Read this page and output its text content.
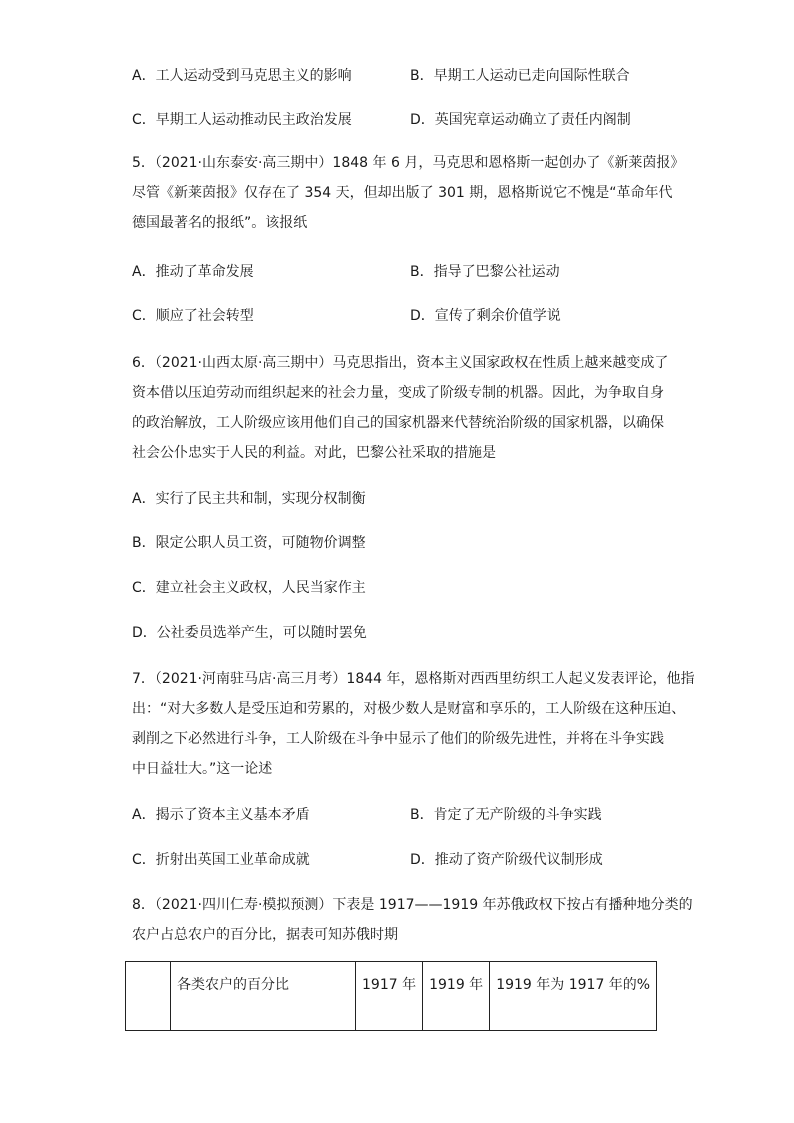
A．工人运动受到马克思主义的影响	B．早期工人运动已走向国际性联合
C．早期工人运动推动民主政治发展	D．英国宪章运动确立了责任内阁制

5．（2021·山东泰安·高三期中）1848 年 6 月，马克思和恩格斯一起创办了《新莱茵报》

尽管《新莱茵报》仅存在了 354 天，但却出版了 301 期，恩格斯说它不愧是“革命年代

德国最著名的报纸”。该报纸

A．推动了革命发展	B．指导了巴黎公社运动
C．顺应了社会转型	D．宣传了剩余价值学说

6．（2021·山西太原·高三期中）马克思指出，资本主义国家政权在性质上越来越变成了

资本借以压迫劳动而组织起来的社会力量，变成了阶级专制的机器。因此，为争取自身

的政治解放，工人阶级应该用他们自己的国家机器来代替统治阶级的国家机器，以确保

社会公仆忠实于人民的利益。对此，巴黎公社采取的措施是

A．实行了民主共和制，实现分权制衡
B．限定公职人员工资，可随物价调整
C．建立社会主义政权，人民当家作主
D．公社委员选举产生，可以随时罢免

7．（2021·河南驻马店·高三月考）1844 年，恩格斯对西西里纺织工人起义发表评论，他指

出：“对大多数人是受压迫和劳累的，对极少数人是财富和享乐的，工人阶级在这种压迫、

剥削之下必然进行斗争，工人阶级在斗争中显示了他们的阶级先进性，并将在斗争实践

中日益壮大。”这一论述

A．揭示了资本主义基本矛盾	B．肯定了无产阶级的斗争实践
C．折射出英国工业革命成就	D．推动了资产阶级代议制形成

8．（2021·四川仁寿·模拟预测）下表是 1917——1919 年苏俄政权下按占有播种地分类的

农户占总农户的百分比，据表可知苏俄时期

	各类农户的百分比	1917 年	1919 年	1919 年为 1917 年的%
